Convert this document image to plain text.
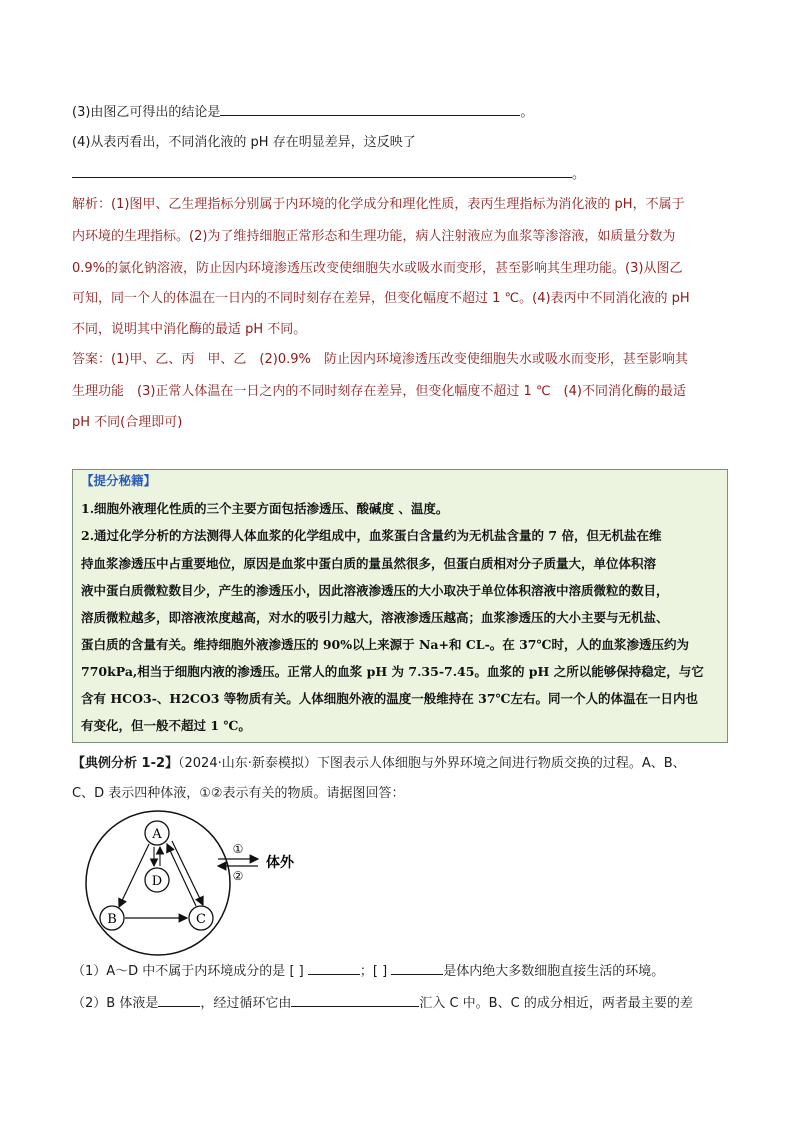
(3)由图乙可得出的结论是	。
(4)从表丙看出，不同消化液的 pH 存在明显差异，这反映了
。
解析：(1)图甲、乙生理指标分别属于内环境的化学成分和理化性质，表丙生理指标为消化液的 pH，不属于
内环境的生理指标。(2)为了维持细胞正常形态和生理功能，病人注射液应为血浆等渗溶液，如质量分数为
0.9%的氯化钠溶液，防止因内环境渗透压改变使细胞失水或吸水而变形，甚至影响其生理功能。(3)从图乙
可知，同一个人的体温在一日内的不同时刻存在差异，但变化幅度不超过 1 ℃。(4)表丙中不同消化液的 pH
不同，说明其中消化酶的最适 pH 不同。
答案：(1)甲、乙、丙　甲、乙　(2)0.9%　防止因内环境渗透压改变使细胞失水或吸水而变形，甚至影响其
生理功能　(3)正常人体温在一日之内的不同时刻存在差异，但变化幅度不超过 1 ℃　(4)不同消化酶的最适
pH 不同(合理即可)
【提分秘籍】
1.细胞外液理化性质的三个主要方面包括渗透压、酸碱度 、温度。
2.通过化学分析的方法测得人体血浆的化学组成中，血浆蛋白含量约为无机盐含量的 7 倍，但无机盐在维
持血浆渗透压中占重要地位，原因是血浆中蛋白质的量虽然很多，但蛋白质相对分子质量大，单位体积溶
液中蛋白质微粒数目少，产生的渗透压小，因此溶液渗透压的大小取决于单位体积溶液中溶质微粒的数目，
溶质微粒越多，即溶液浓度越高，对水的吸引力越大，溶液渗透压越高；血浆渗透压的大小主要与无机盐、
蛋白质的含量有关。维持细胞外液渗透压的 90%以上来源于 Na+和 CL-。在 37℃时，人的血浆渗透压约为
770kPa,相当于细胞内液的渗透压。正常人的血浆 pH 为 7.35-7.45。血浆的 pH 之所以能够保持稳定，与它
含有 HCO3-、H2CO3 等物质有关。人体细胞外液的温度一般维持在 37℃左右。同一个人的体温在一日内也
有变化，但一般不超过 1 ℃。
【典例分析 1-2】（2024·山东·新泰模拟）下图表示人体细胞与外界环境之间进行物质交换的过程。A、B、
C、D 表示四种体液，①②表示有关的物质。请据图回答：
A
D
B	C
①
②
体外
（1）A～D 中不属于内环境成分的是 [ ]	；[ ]	是体内绝大多数细胞直接生活的环境。
（2）B 体液是	，经过循环它由	汇入 C 中。B、C 的成分相近，两者最主要的差
